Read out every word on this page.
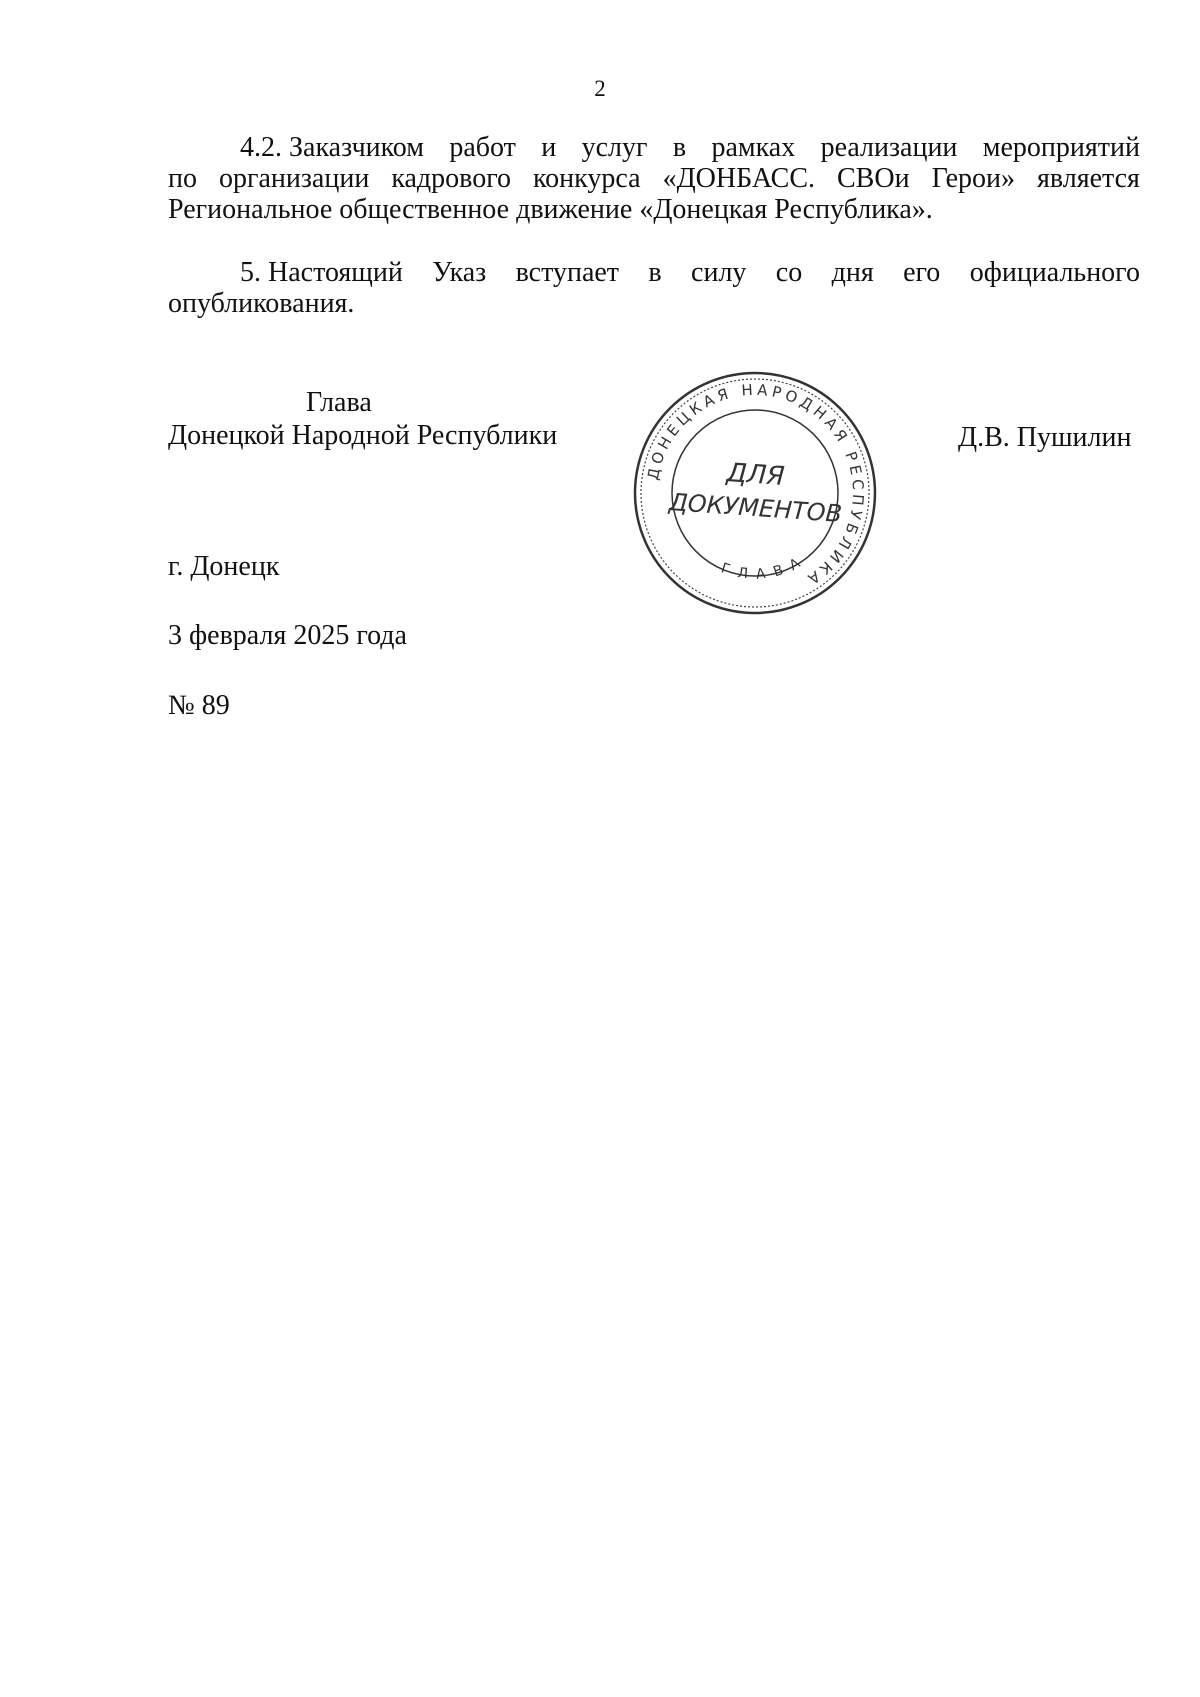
2
4.2. Заказчиком работ и услуг в рамках реализации мероприятий
по организации кадрового конкурса «ДОНБАСС. СВОи Герои» является
Региональное общественное движение «Донецкая Республика».
5. Настоящий Указ вступает в силу со дня его официального
опубликования.
Глава
Донецкой Народной Республики	Д.В. Пушилин
ДОНЕЦКАЯ НАРОДНАЯ РЕСПУБЛИКА
ГЛАВА
ДЛЯ
ДОКУМЕНТОВ
г. Донецк
3 февраля 2025 года
№ 89
